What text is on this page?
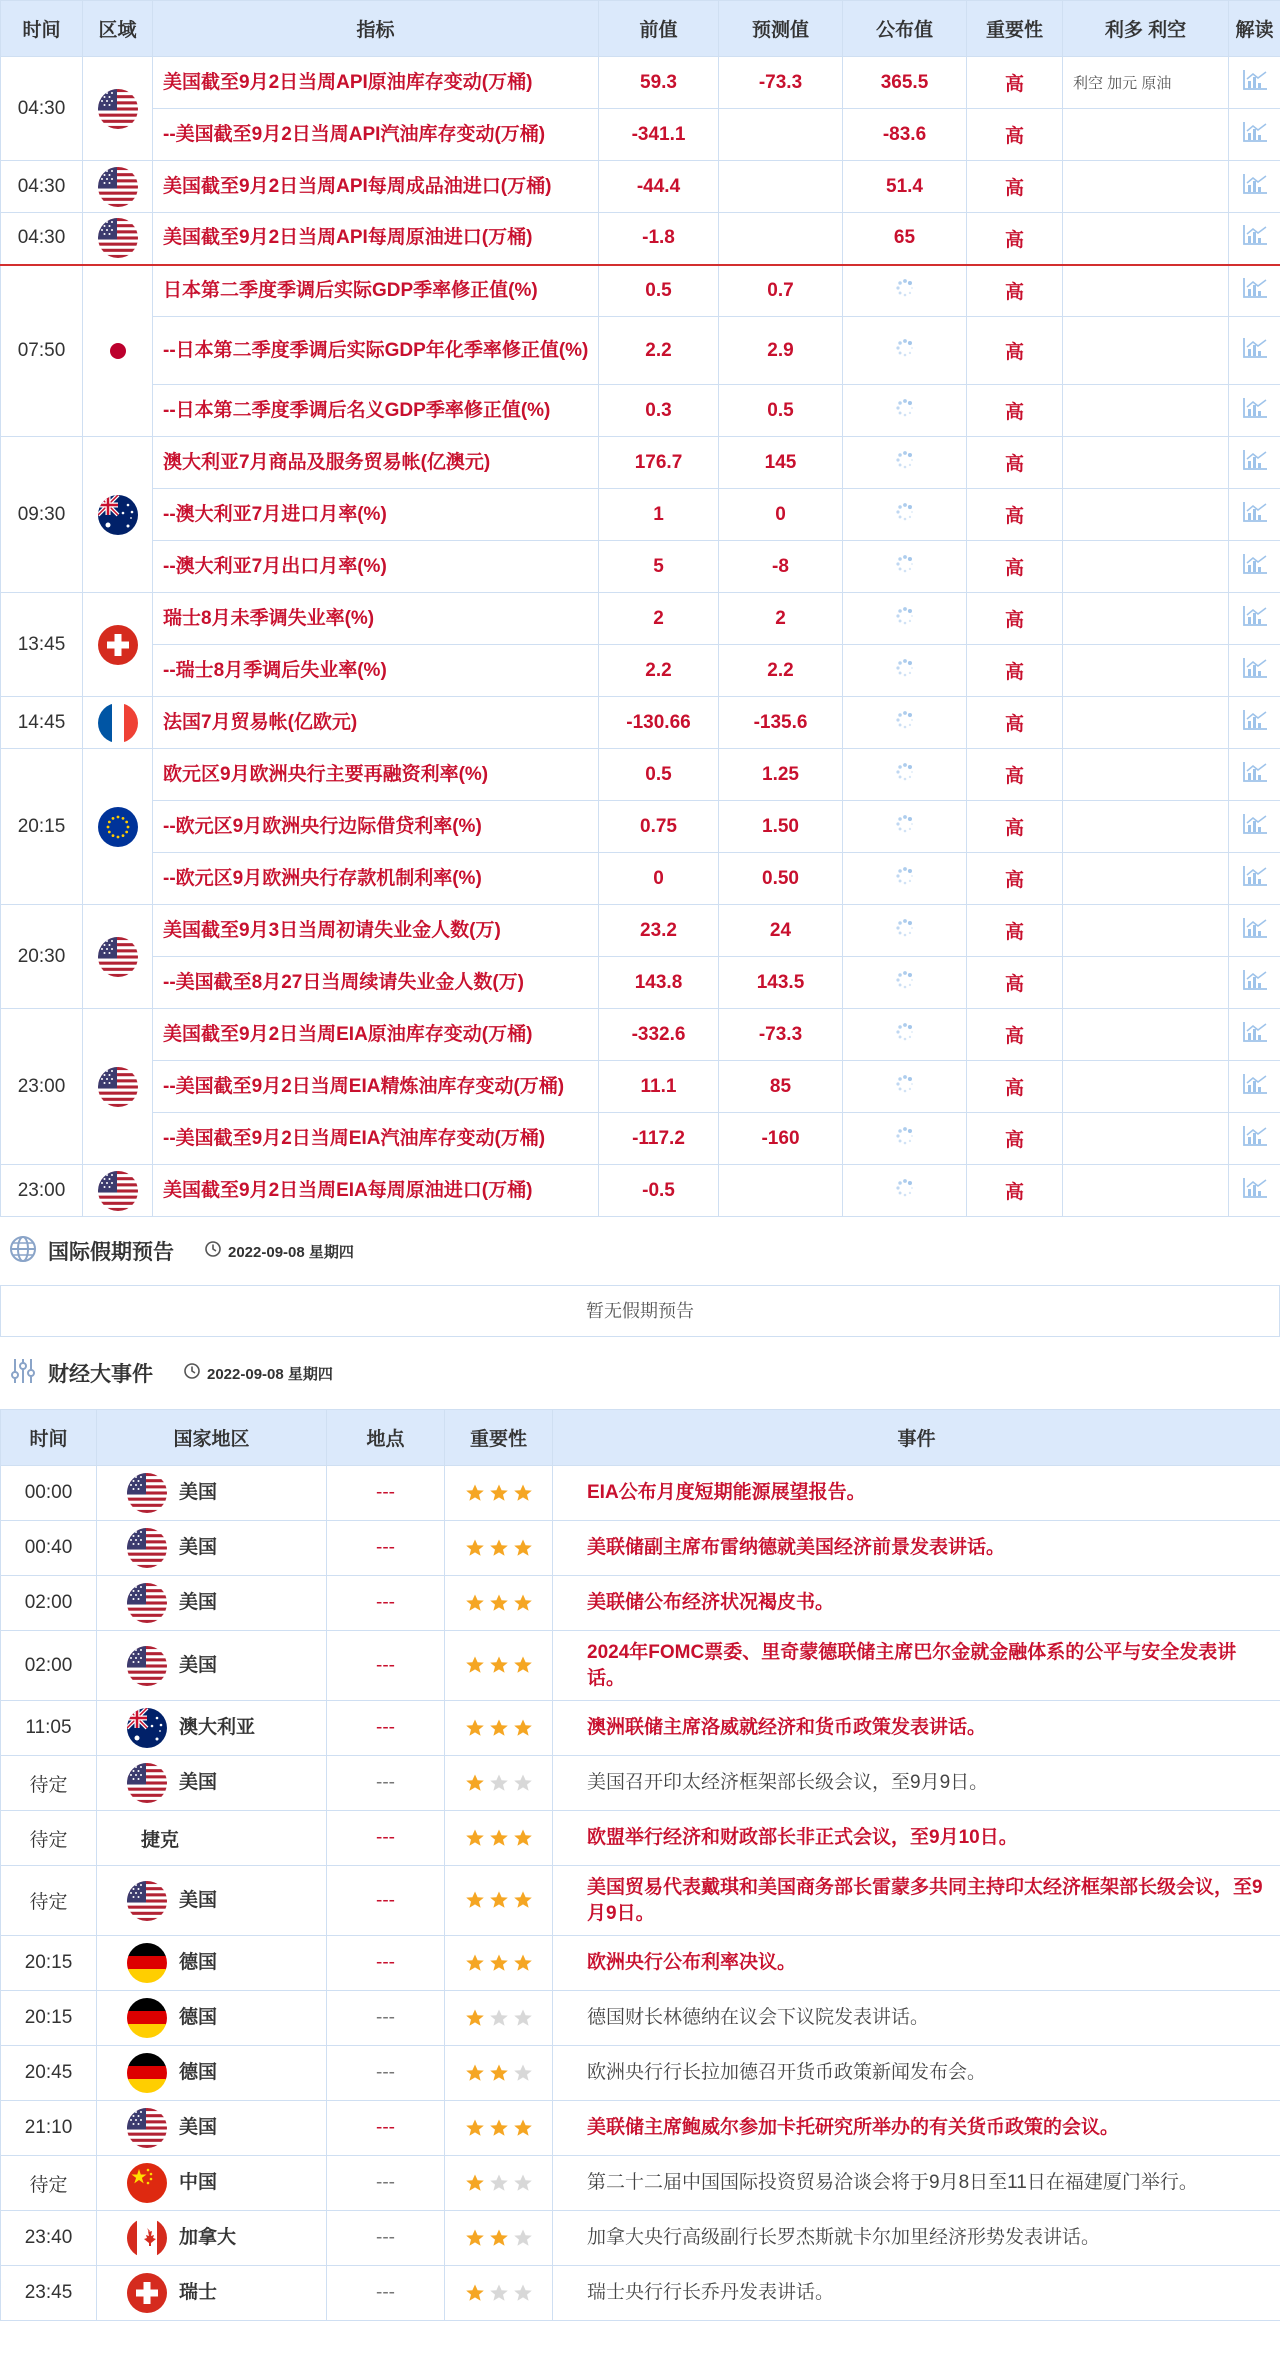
时间	区域	指标	前值	预测值	公布值	重要性	利多 利空	解读
04:30		美国截至9月2日当周API原油库存变动(万桶)	59.3	-73.3	365.5	高	利空 加元 原油	
		--美国截至9月2日当周API汽油库存变动(万桶)	-341.1		-83.6	高		
04:30		美国截至9月2日当周API每周成品油进口(万桶)	-44.4		51.4	高		
04:30		美国截至9月2日当周API每周原油进口(万桶)	-1.8		65	高		
07:50		日本第二季度季调后实际GDP季率修正值(%)	0.5	0.7		高		
		--日本第二季度季调后实际GDP年化季率修正值(%)	2.2	2.9		高		
		--日本第二季度季调后名义GDP季率修正值(%)	0.3	0.5		高		
09:30		澳大利亚7月商品及服务贸易帐(亿澳元)	176.7	145		高		
		--澳大利亚7月进口月率(%)	1	0		高		
		--澳大利亚7月出口月率(%)	5	-8		高		
13:45		瑞士8月未季调失业率(%)	2	2		高		
		--瑞士8月季调后失业率(%)	2.2	2.2		高		
14:45		法国7月贸易帐(亿欧元)	-130.66	-135.6		高		
20:15		欧元区9月欧洲央行主要再融资利率(%)	0.5	1.25		高		
		--欧元区9月欧洲央行边际借贷利率(%)	0.75	1.50		高		
		--欧元区9月欧洲央行存款机制利率(%)	0	0.50		高		
20:30		美国截至9月3日当周初请失业金人数(万)	23.2	24		高		
		--美国截至8月27日当周续请失业金人数(万)	143.8	143.5		高		
23:00		美国截至9月2日当周EIA原油库存变动(万桶)	-332.6	-73.3		高		
		--美国截至9月2日当周EIA精炼油库存变动(万桶)	11.1	85		高		
		--美国截至9月2日当周EIA汽油库存变动(万桶)	-117.2	-160		高		
23:00		美国截至9月2日当周EIA每周原油进口(万桶)	-0.5			高		
国际假期预告	2022-09-08 星期四
暂无假期预告
财经大事件	2022-09-08 星期四
时间	国家地区	地点	重要性	事件
00:00	美国	---		EIA公布月度短期能源展望报告。
00:40	美国	---		美联储副主席布雷纳德就美国经济前景发表讲话。
02:00	美国	---		美联储公布经济状况褐皮书。
02:00	美国	---		2024年FOMC票委、里奇蒙德联储主席巴尔金就金融体系的公平与安全发表讲话。
11:05	澳大利亚	---		澳洲联储主席洛威就经济和货币政策发表讲话。
待定	美国	---		美国召开印太经济框架部长级会议，至9月9日。
待定	捷克	---		欧盟举行经济和财政部长非正式会议，至9月10日。
待定	美国	---		美国贸易代表戴琪和美国商务部长雷蒙多共同主持印太经济框架部长级会议，至9月9日。
20:15	德国	---		欧洲央行公布利率决议。
20:15	德国	---		德国财长林德纳在议会下议院发表讲话。
20:45	德国	---		欧洲央行行长拉加德召开货币政策新闻发布会。
21:10	美国	---		美联储主席鲍威尔参加卡托研究所举办的有关货币政策的会议。
待定	中国	---		第二十二届中国国际投资贸易洽谈会将于9月8日至11日在福建厦门举行。
23:40	加拿大	---		加拿大央行高级副行长罗杰斯就卡尔加里经济形势发表讲话。
23:45	瑞士	---		瑞士央行行长乔丹发表讲话。
